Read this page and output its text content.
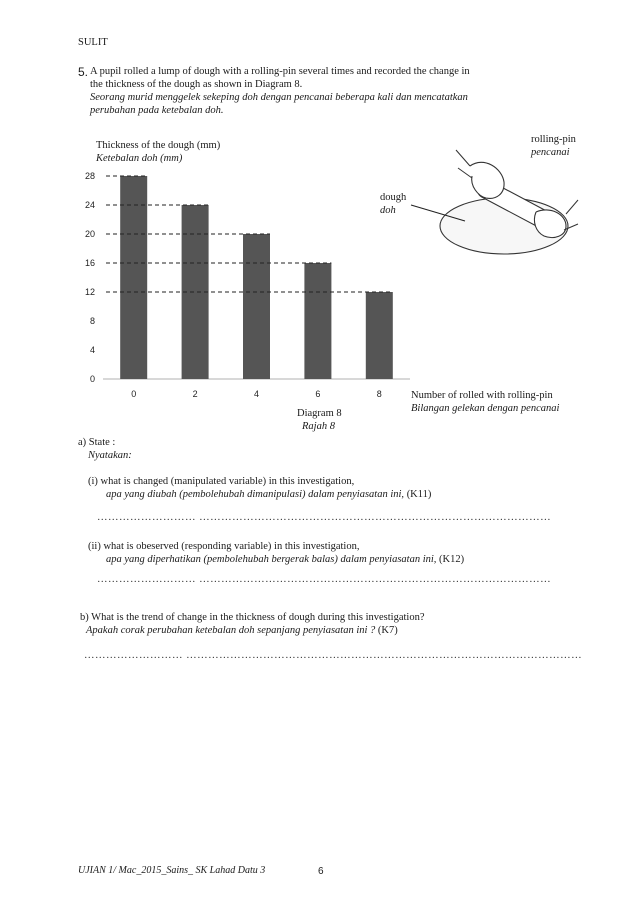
SULIT
5. A pupil rolled a lump of dough with a rolling-pin several times and recorded the change in
the thickness of the dough as shown in Diagram 8.
Seorang murid menggelek sekeping doh dengan pencanai beberapa kali dan mencatatkan
perubahan pada ketebalan doh.
0
4
8
12
16
20
24
28
0	2	4	6	8
Thickness of the dough (mm)
Ketebalan doh (mm)
Number of rolled with rolling-pin
Bilangan gelekan dengan pencanai
Diagram 8
Rajah 8
rolling-pin
pencanai
dough
doh
a) State :
Nyatakan:
(i) what is changed (manipulated variable) in this investigation,
apa yang diubah (pembolehubah dimanipulasi) dalam penyiasatan ini, (K11)
……………………… ……………………………………………………………………………………
(ii) what is obeserved (responding variable) in this investigation,
apa yang diperhatikan (pembolehubah bergerak balas) dalam penyiasatan ini, (K12)
……………………… ……………………………………………………………………………………
b) What is the trend of change in the thickness of dough during this investigation?
Apakah corak perubahan ketebalan doh sepanjang penyiasatan ini ? (K7)
……………………… ………………………………………………………………………………………………
UJIAN 1/ Mac_2015_Sains_ SK Lahad Datu 3	6
